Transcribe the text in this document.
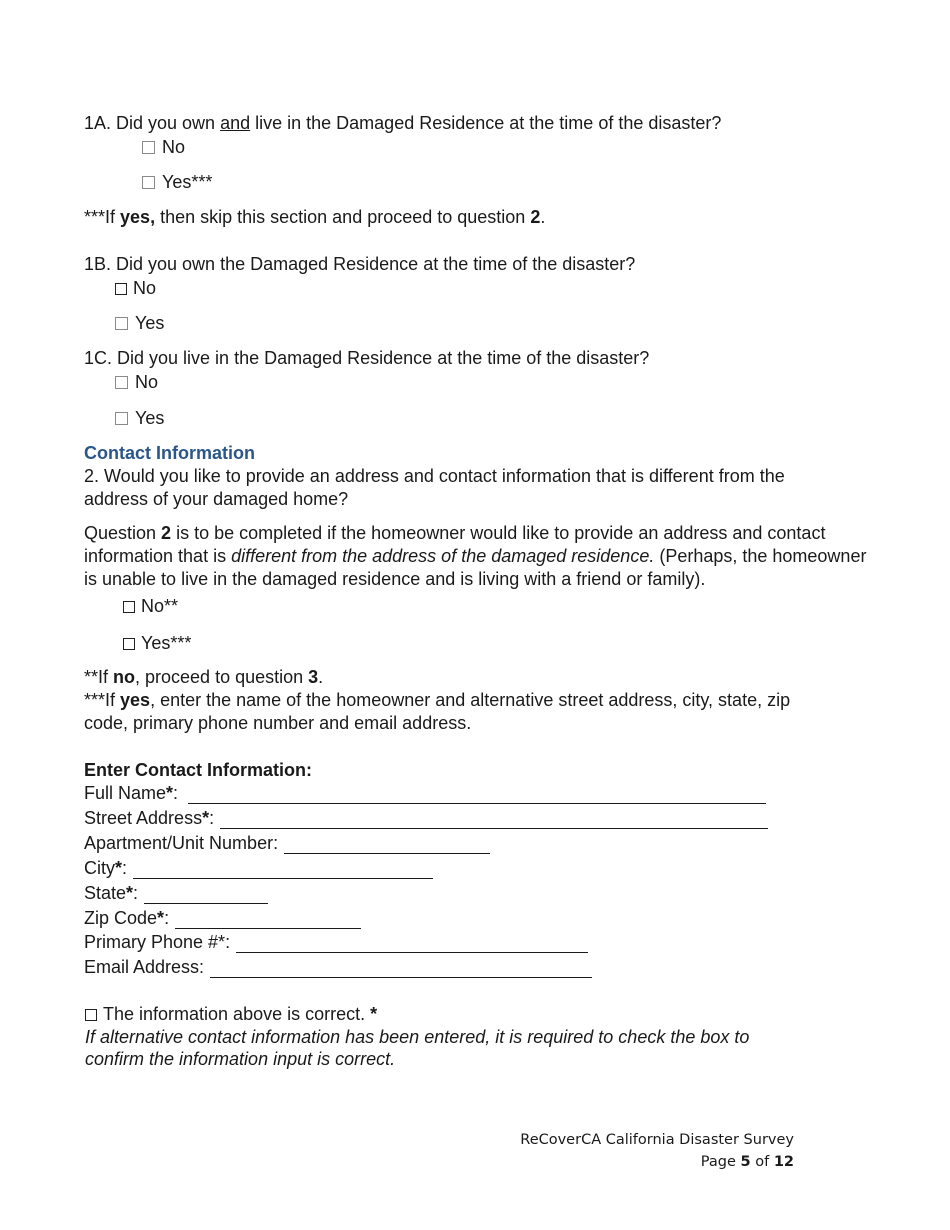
1A. Did you own and live in the Damaged Residence at the time of the disaster?
No
Yes***
***If yes, then skip this section and proceed to question 2.
1B. Did you own the Damaged Residence at the time of the disaster?
No
Yes
1C. Did you live in the Damaged Residence at the time of the disaster?
No
Yes
Contact Information
2. Would you like to provide an address and contact information that is different from the address of your damaged home?
Question 2 is to be completed if the homeowner would like to provide an address and contact information that is different from the address of the damaged residence. (Perhaps, the homeowner is unable to live in the damaged residence and is living with a friend or family).
No**
Yes***
**If no, proceed to question 3.
***If yes, enter the name of the homeowner and alternative street address, city, state, zip code, primary phone number and email address.
Enter Contact Information:
Full Name*:
Street Address*:
Apartment/Unit Number:
City*:
State*:
Zip Code*:
Primary Phone #*:
Email Address:
The information above is correct. *
If alternative contact information has been entered, it is required to check the box to confirm the information input is correct.
ReCoverCA California Disaster Survey
Page 5 of 12
